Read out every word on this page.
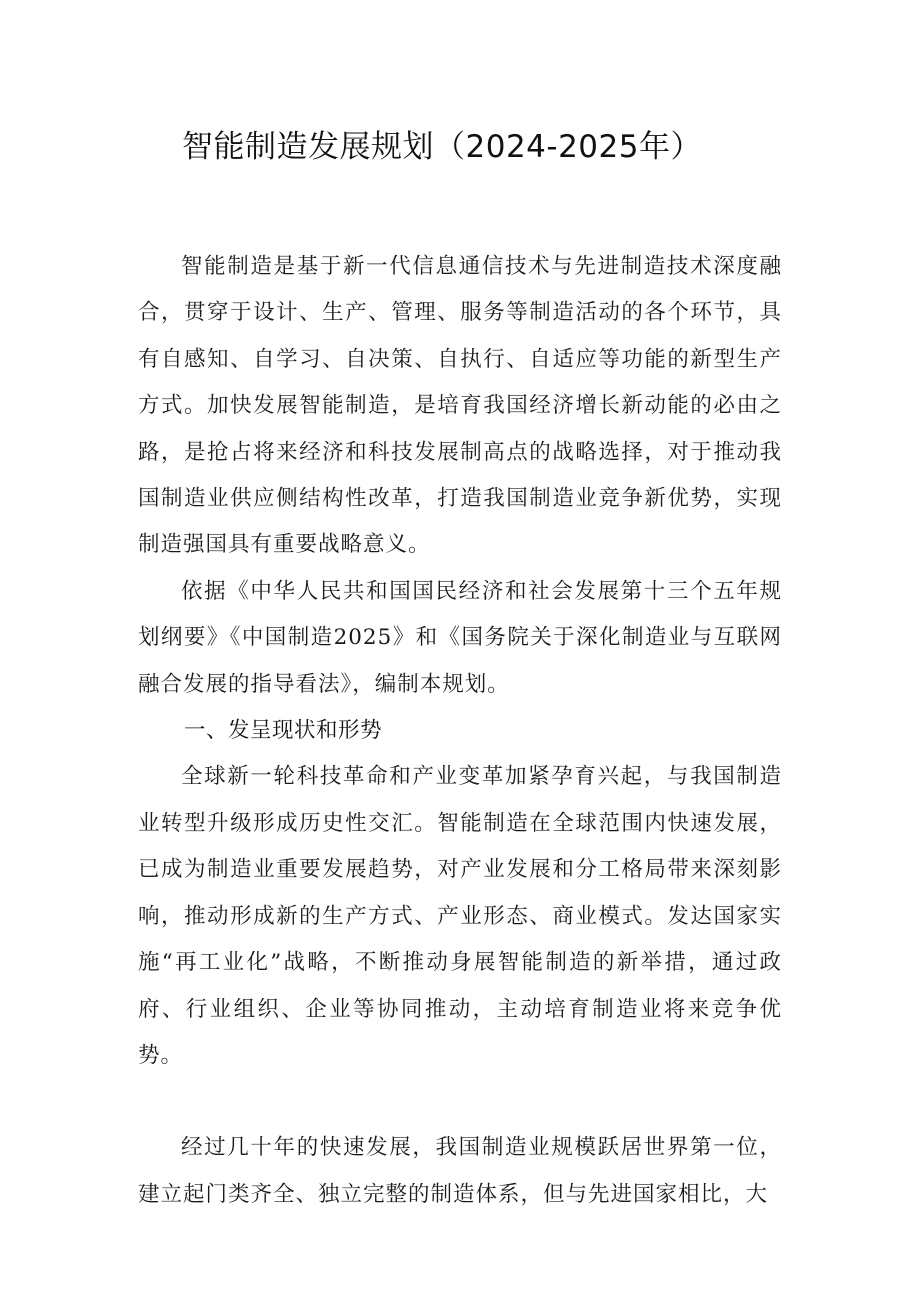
智能制造发展规划（2024-2025年）

智能制造是基于新一代信息通信技术与先进制造技术深度融合，贯穿于设计、生产、管理、服务等制造活动的各个环节，具有自感知、自学习、自决策、自执行、自适应等功能的新型生产方式。加快发展智能制造，是培育我国经济增长新动能的必由之路，是抢占将来经济和科技发展制高点的战略选择，对于推动我国制造业供应侧结构性改革，打造我国制造业竞争新优势，实现制造强国具有重要战略意义。

依据《中华人民共和国国民经济和社会发展第十三个五年规划纲要》《中国制造2025》和《国务院关于深化制造业与互联网融合发展的指导看法》，编制本规划。

一、发呈现状和形势

全球新一轮科技革命和产业变革加紧孕育兴起，与我国制造业转型升级形成历史性交汇。智能制造在全球范围内快速发展，已成为制造业重要发展趋势，对产业发展和分工格局带来深刻影响，推动形成新的生产方式、产业形态、商业模式。发达国家实施“再工业化”战略，不断推动身展智能制造的新举措，通过政府、行业组织、企业等协同推动，主动培育制造业将来竞争优势。

经过几十年的快速发展，我国制造业规模跃居世界第一位，建立起门类齐全、独立完整的制造体系，但与先进国家相比，大
